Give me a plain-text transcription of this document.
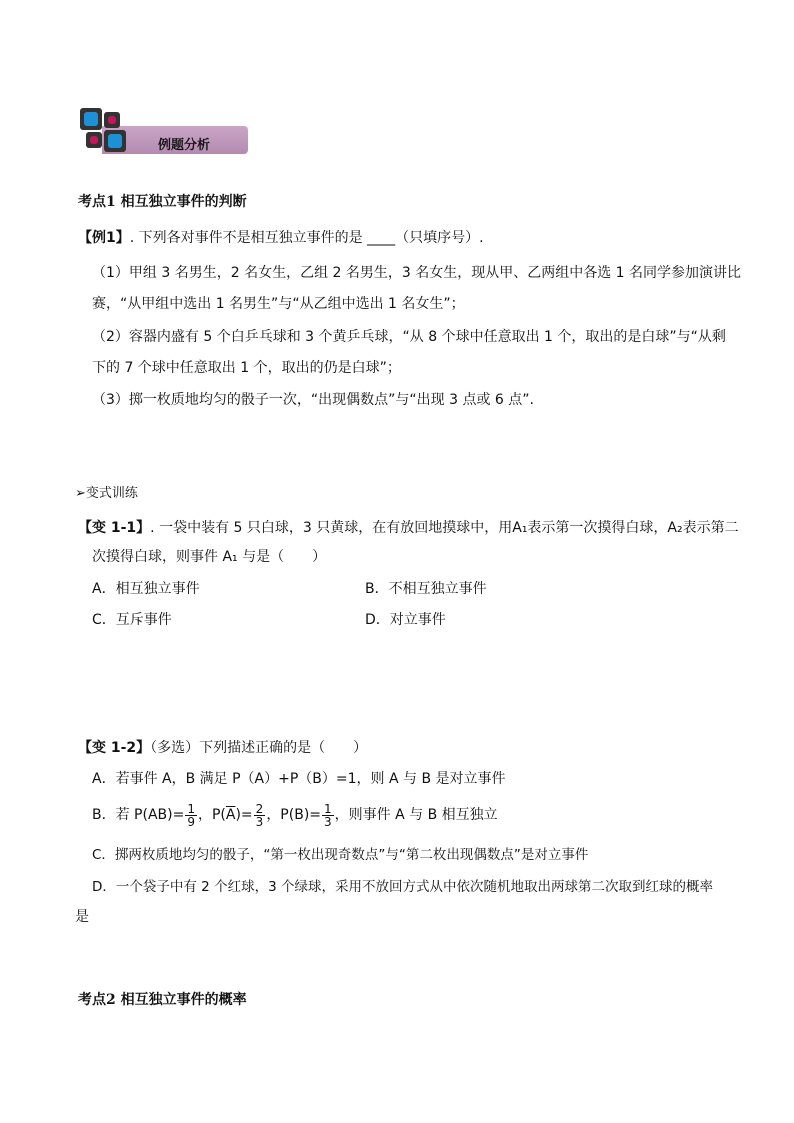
例题分析
考点1 相互独立事件的判断
【例1】. 下列各对事件不是相互独立事件的是 ____（只填序号）.
（1）甲组 3 名男生，2 名女生，乙组 2 名男生，3 名女生，现从甲、乙两组中各选 1 名同学参加演讲比
赛，“从甲组中选出 1 名男生”与“从乙组中选出 1 名女生”；
（2）容器内盛有 5 个白乒乓球和 3 个黄乒乓球，“从 8 个球中任意取出 1 个，取出的是白球”与“从剩
下的 7 个球中任意取出 1 个，取出的仍是白球”；
（3）掷一枚质地均匀的骰子一次，“出现偶数点”与“出现 3 点或 6 点”.
➢变式训练
【变 1-1】. 一袋中装有 5 只白球，3 只黄球，在有放回地摸球中，用A₁表示第一次摸得白球，A₂表示第二
次摸得白球，则事件 A₁ 与是（　　）
A．相互独立事件	B．不相互独立事件
C．互斥事件	D．对立事件
【变 1-2】（多选）下列描述正确的是（　　）
A．若事件 A，B 满足 P（A）+P（B）=1，则 A 与 B 是对立事件
B．若 $P(AB)= \frac{1}{9}$ ，$P(\overline{A})= \frac{2}{3}$ ，$P(B)= \frac{1}{3}$ ，则事件 A 与 B 相互独立
C．掷两枚质地均匀的骰子，“第一枚出现奇数点”与“第二枚出现偶数点”是对立事件
D．一个袋子中有 2 个红球，3 个绿球，采用不放回方式从中依次随机地取出两球第二次取到红球的概率
是
考点2 相互独立事件的概率
